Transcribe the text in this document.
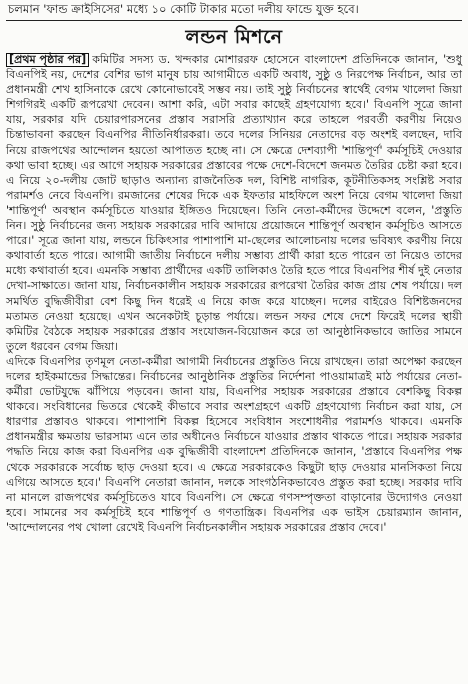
চলমান 'ফান্ড ক্রাইসিসের' মধ্যে ১০ কোটি টাকার মতো দলীয় ফান্ডে যুক্ত হবে।
লন্ডন মিশনে

[প্রথম পৃষ্ঠার পর] কমিটির সদস্য ড. খন্দকার মোশাররফ হোসেনে বাংলাদেশ প্রতিদিনকে জানান, 'শুধু বিএনপিই নয়, দেশের বেশির ভাগ মানুষ চায় আগামীতে একটি অবাধ, সুষ্ঠু ও নিরপেক্ষ নির্বাচন, আর তা প্রধানমন্ত্রী শেখ হাসিনাকে রেখে কোনোভাবেই সম্ভব নয়। তাই সুষ্ঠু নির্বাচনের স্বার্থেই বেগম খালেদা জিয়া শিগগিরই একটি রূপরেখা দেবেন। আশা করি, এটা সবার কাছেই গ্রহণযোগ্য হবে।' বিএনপি সূত্রে জানা যায়, সরকার যদি চেয়ারপারসনের প্রস্তাব সরাসরি প্রত্যাখ্যান করে তাহলে পরবর্তী করণীয় নিয়েও চিন্তাভাবনা করছেন বিএনপির নীতিনির্ধারকরা। তবে দলের সিনিয়র নেতাদের বড় অংশই বলছেন, দাবি নিয়ে রাজপথের আন্দোলন হয়তো আপাতত হচ্ছে না। সে ক্ষেত্রে দেশব্যাপী 'শান্তিপূর্ণ' কর্মসূচিই দেওয়ার কথা ভাবা হচ্ছে। এর আগে সহায়ক সরকারের প্রস্তাবের পক্ষে দেশে-বিদেশে জনমত তৈরির চেষ্টা করা হবে। এ নিয়ে ২০-দলীয় জোট ছাড়াও অন্যান্য রাজনৈতিক দল, বিশিষ্ট নাগরিক, কূটনীতিকসহ সংশ্লিষ্ট সবার পরামর্শও নেবে বিএনপি। রমজানের শেষের দিকে এক ইফতার মাহফিলে অংশ নিয়ে বেগম খালেদা জিয়া 'শান্তিপূর্ণ' অবস্থান কর্মসূচিতে যাওয়ার ইঙ্গিতও দিয়েছেন। তিনি নেতা-কর্মীদের উদ্দেশে বলেন, 'প্রস্তুতি নিন। সুষ্ঠু নির্বাচনের জন্য সহায়ক সরকারের দাবি আদায়ে প্রয়োজনে শান্তিপূর্ণ অবস্থান কর্মসূচিও আসতে পারে।' সূত্রে জানা যায়, লন্ডনে চিকিৎসার পাশাপাশি মা-ছেলের আলোচনায় দলের ভবিষ্যৎ করণীয় নিয়ে কথাবার্তা হতে পারে। আগামী জাতীয় নির্বাচনে দলীয় সম্ভাব্য প্রার্থী কারা হতে পারেন তা নিয়েও তাদের মধ্যে কথাবার্তা হবে। এমনকি সম্ভাব্য প্রার্থীদের একটি তালিকাও তৈরি হতে পারে বিএনপির শীর্ষ দুই নেতার দেখা-সাক্ষাতে। জানা যায়, নির্বাচনকালীন সহায়ক সরকারের রূপরেখা তৈরির কাজ প্রায় শেষ পর্যায়ে। দল সমর্থিত বুদ্ধিজীবীরা বেশ কিছু দিন ধরেই এ নিয়ে কাজ করে যাচ্ছেন। দলের বাইরেও বিশিষ্টজনদের মতামত নেওয়া হয়েছে। এখন অনেকটাই চূড়ান্ত পর্যায়ে। লন্ডন সফর শেষে দেশে ফিরেই দলের স্থায়ী কমিটির বৈঠকে সহায়ক সরকারের প্রস্তাব সংযোজন-বিয়োজন করে তা আনুষ্ঠানিকভাবে জাতির সামনে তুলে ধরবেন বেগম জিয়া।

এদিকে বিএনপির তৃণমূল নেতা-কর্মীরা আগামী নির্বাচনের প্রস্তুতিও নিয়ে রাখছেন। তারা অপেক্ষা করছেন দলের হাইকমান্ডের সিদ্ধান্তের। নির্বাচনের আনুষ্ঠানিক প্রস্তুতির নির্দেশনা পাওয়ামাত্রই মাঠ পর্যায়ের নেতা-কর্মীরা ভোটযুদ্ধে ঝাঁপিয়ে পড়বেন। জানা যায়, বিএনপির সহায়ক সরকারের প্রস্তাবে বেশকিছু বিকল্প থাকবে। সংবিধানের ভিতরে থেকেই কীভাবে সবার অংশগ্রহণে একটি গ্রহণযোগ্য নির্বাচন করা যায়, সে ধারণার প্রস্তাবও থাকবে। পাশাপাশি বিকল্প হিসেবে সংবিধান সংশোধনীর পরামর্শও থাকবে। এমনকি প্রধানমন্ত্রীর ক্ষমতায় ভারসাম্য এনে তার অধীনেও নির্বাচনে যাওয়ার প্রস্তাব থাকতে পারে। সহায়ক সরকার পদ্ধতি নিয়ে কাজ করা বিএনপির এক বুদ্ধিজীবী বাংলাদেশ প্রতিদিনকে জানান, 'প্রস্তাবে বিএনপির পক্ষ থেকে সরকারকে সর্বোচ্চ ছাড় দেওয়া হবে। এ ক্ষেত্রে সরকারকেও কিছুটা ছাড় দেওয়ার মানসিকতা নিয়ে এগিয়ে আসতে হবে।' বিএনপি নেতারা জানান, দলকে সাংগঠনিকভাবেও প্রস্তুত করা হচ্ছে। সরকার দাবি না মানলে রাজপথের কর্মসূচিতেও যাবে বিএনপি। সে ক্ষেত্রে গণসম্পৃক্ততা বাড়ানোর উদ্যোগও নেওয়া হবে। সামনের সব কর্মসূচিই হবে শান্তিপূর্ণ ও গণতান্ত্রিক। বিএনপির এক ভাইস চেয়ারম্যান জানান, 'আন্দোলনের পথ খোলা রেখেই বিএনপি নির্বাচনকালীন সহায়ক সরকারের প্রস্তাব দেবে।'
